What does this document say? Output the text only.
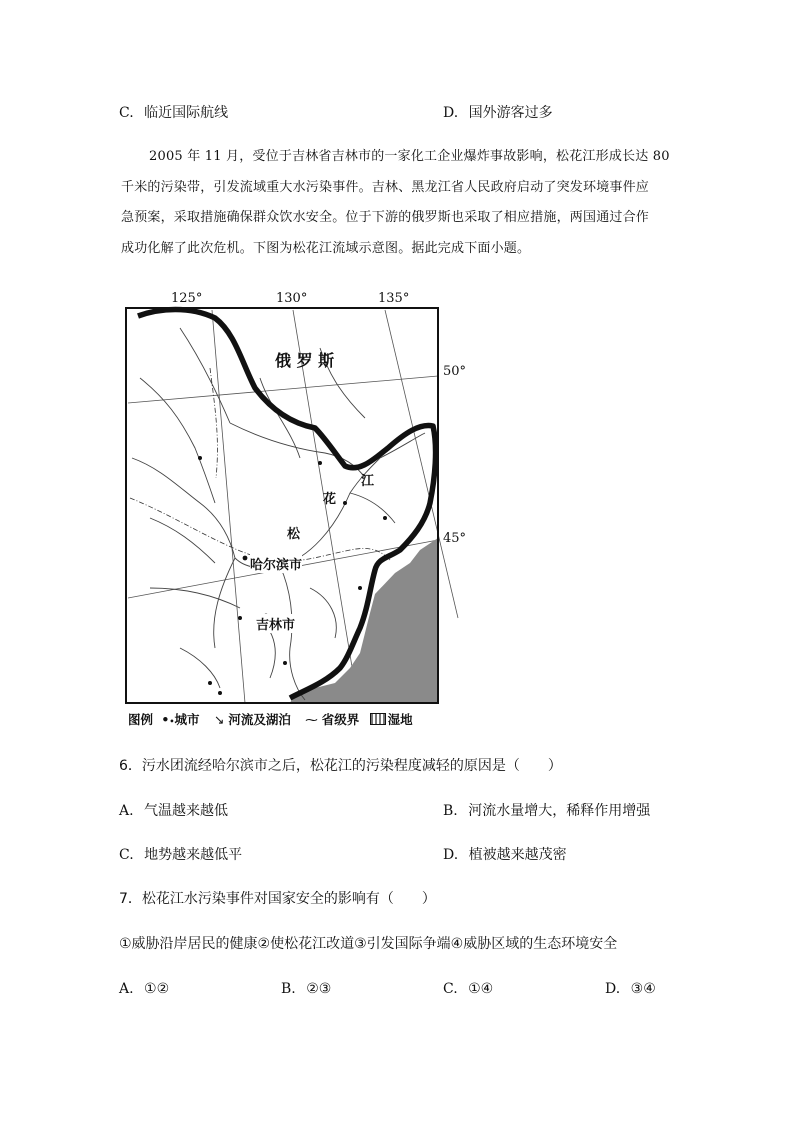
C. 临近国际航线	D. 国外游客过多

2005 年 11 月，受位于吉林省吉林市的一家化工企业爆炸事故影响，松花江形成长达 80

千米的污染带，引发流域重大水污染事件。吉林、黑龙江省人民政府启动了突发环境事件应

急预案，采取措施确保群众饮水安全。位于下游的俄罗斯也采取了相应措施，两国通过合作

成功化解了此次危机。下图为松花江流域示意图。据此完成下面小题。

125°	130°	135°
50°
45°
俄 罗 斯
江
花
松
哈尔滨市
吉林市
图例 ••城市 ↘ 河流及湖泊 ⁓ 省级界 湿地
6．污水团流经哈尔滨市之后，松花江的污染程度减轻的原因是（　　）
A. 气温越来越低	B. 河流水量增大，稀释作用增强
C. 地势越来越低平	D. 植被越来越茂密
7．松花江水污染事件对国家安全的影响有（　　）
①威胁沿岸居民的健康②使松花江改道③引发国际争端④威胁区域的生态环境安全
A. ①②	B. ②③	C. ①④	D. ③④
